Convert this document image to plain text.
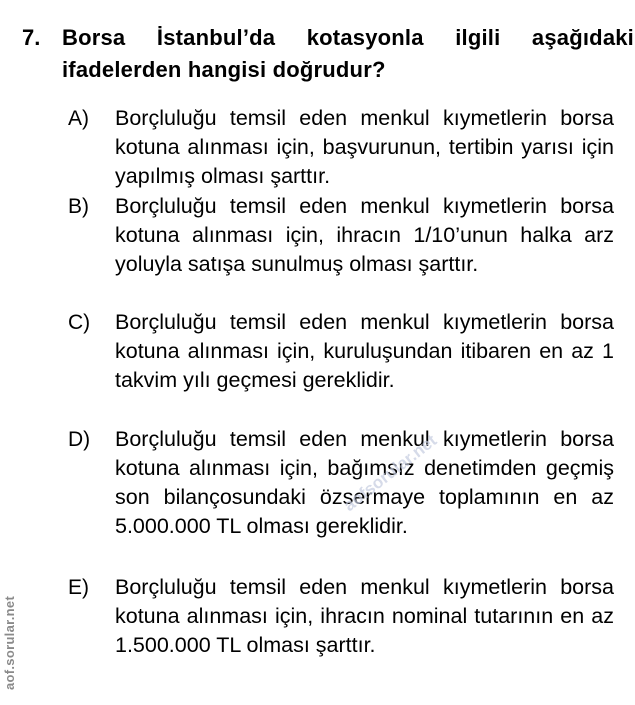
7. Borsa İstanbul’da kotasyonla ilgili aşağıdaki ifadelerden hangisi doğrudur?
A) Borçluluğu temsil eden menkul kıymetlerin borsa kotuna alınması için, başvurunun, tertibin yarısı için yapılmış olması şarttır.
B) Borçluluğu temsil eden menkul kıymetlerin borsa kotuna alınması için, ihracın 1/10’unun halka arz yoluyla satışa sunulmuş olması şarttır.
C) Borçluluğu temsil eden menkul kıymetlerin borsa kotuna alınması için, kuruluşundan itibaren en az 1 takvim yılı geçmesi gereklidir.
D) Borçluluğu temsil eden menkul kıymetlerin borsa kotuna alınması için, bağımsız denetimden geçmiş son bilançosundaki özsermaye toplamının en az 5.000.000 TL olması gereklidir.
E) Borçluluğu temsil eden menkul kıymetlerin borsa kotuna alınması için, ihracın nominal tutarının en az 1.500.000 TL olması şarttır.
aofsorular.net
aof.sorular.net
